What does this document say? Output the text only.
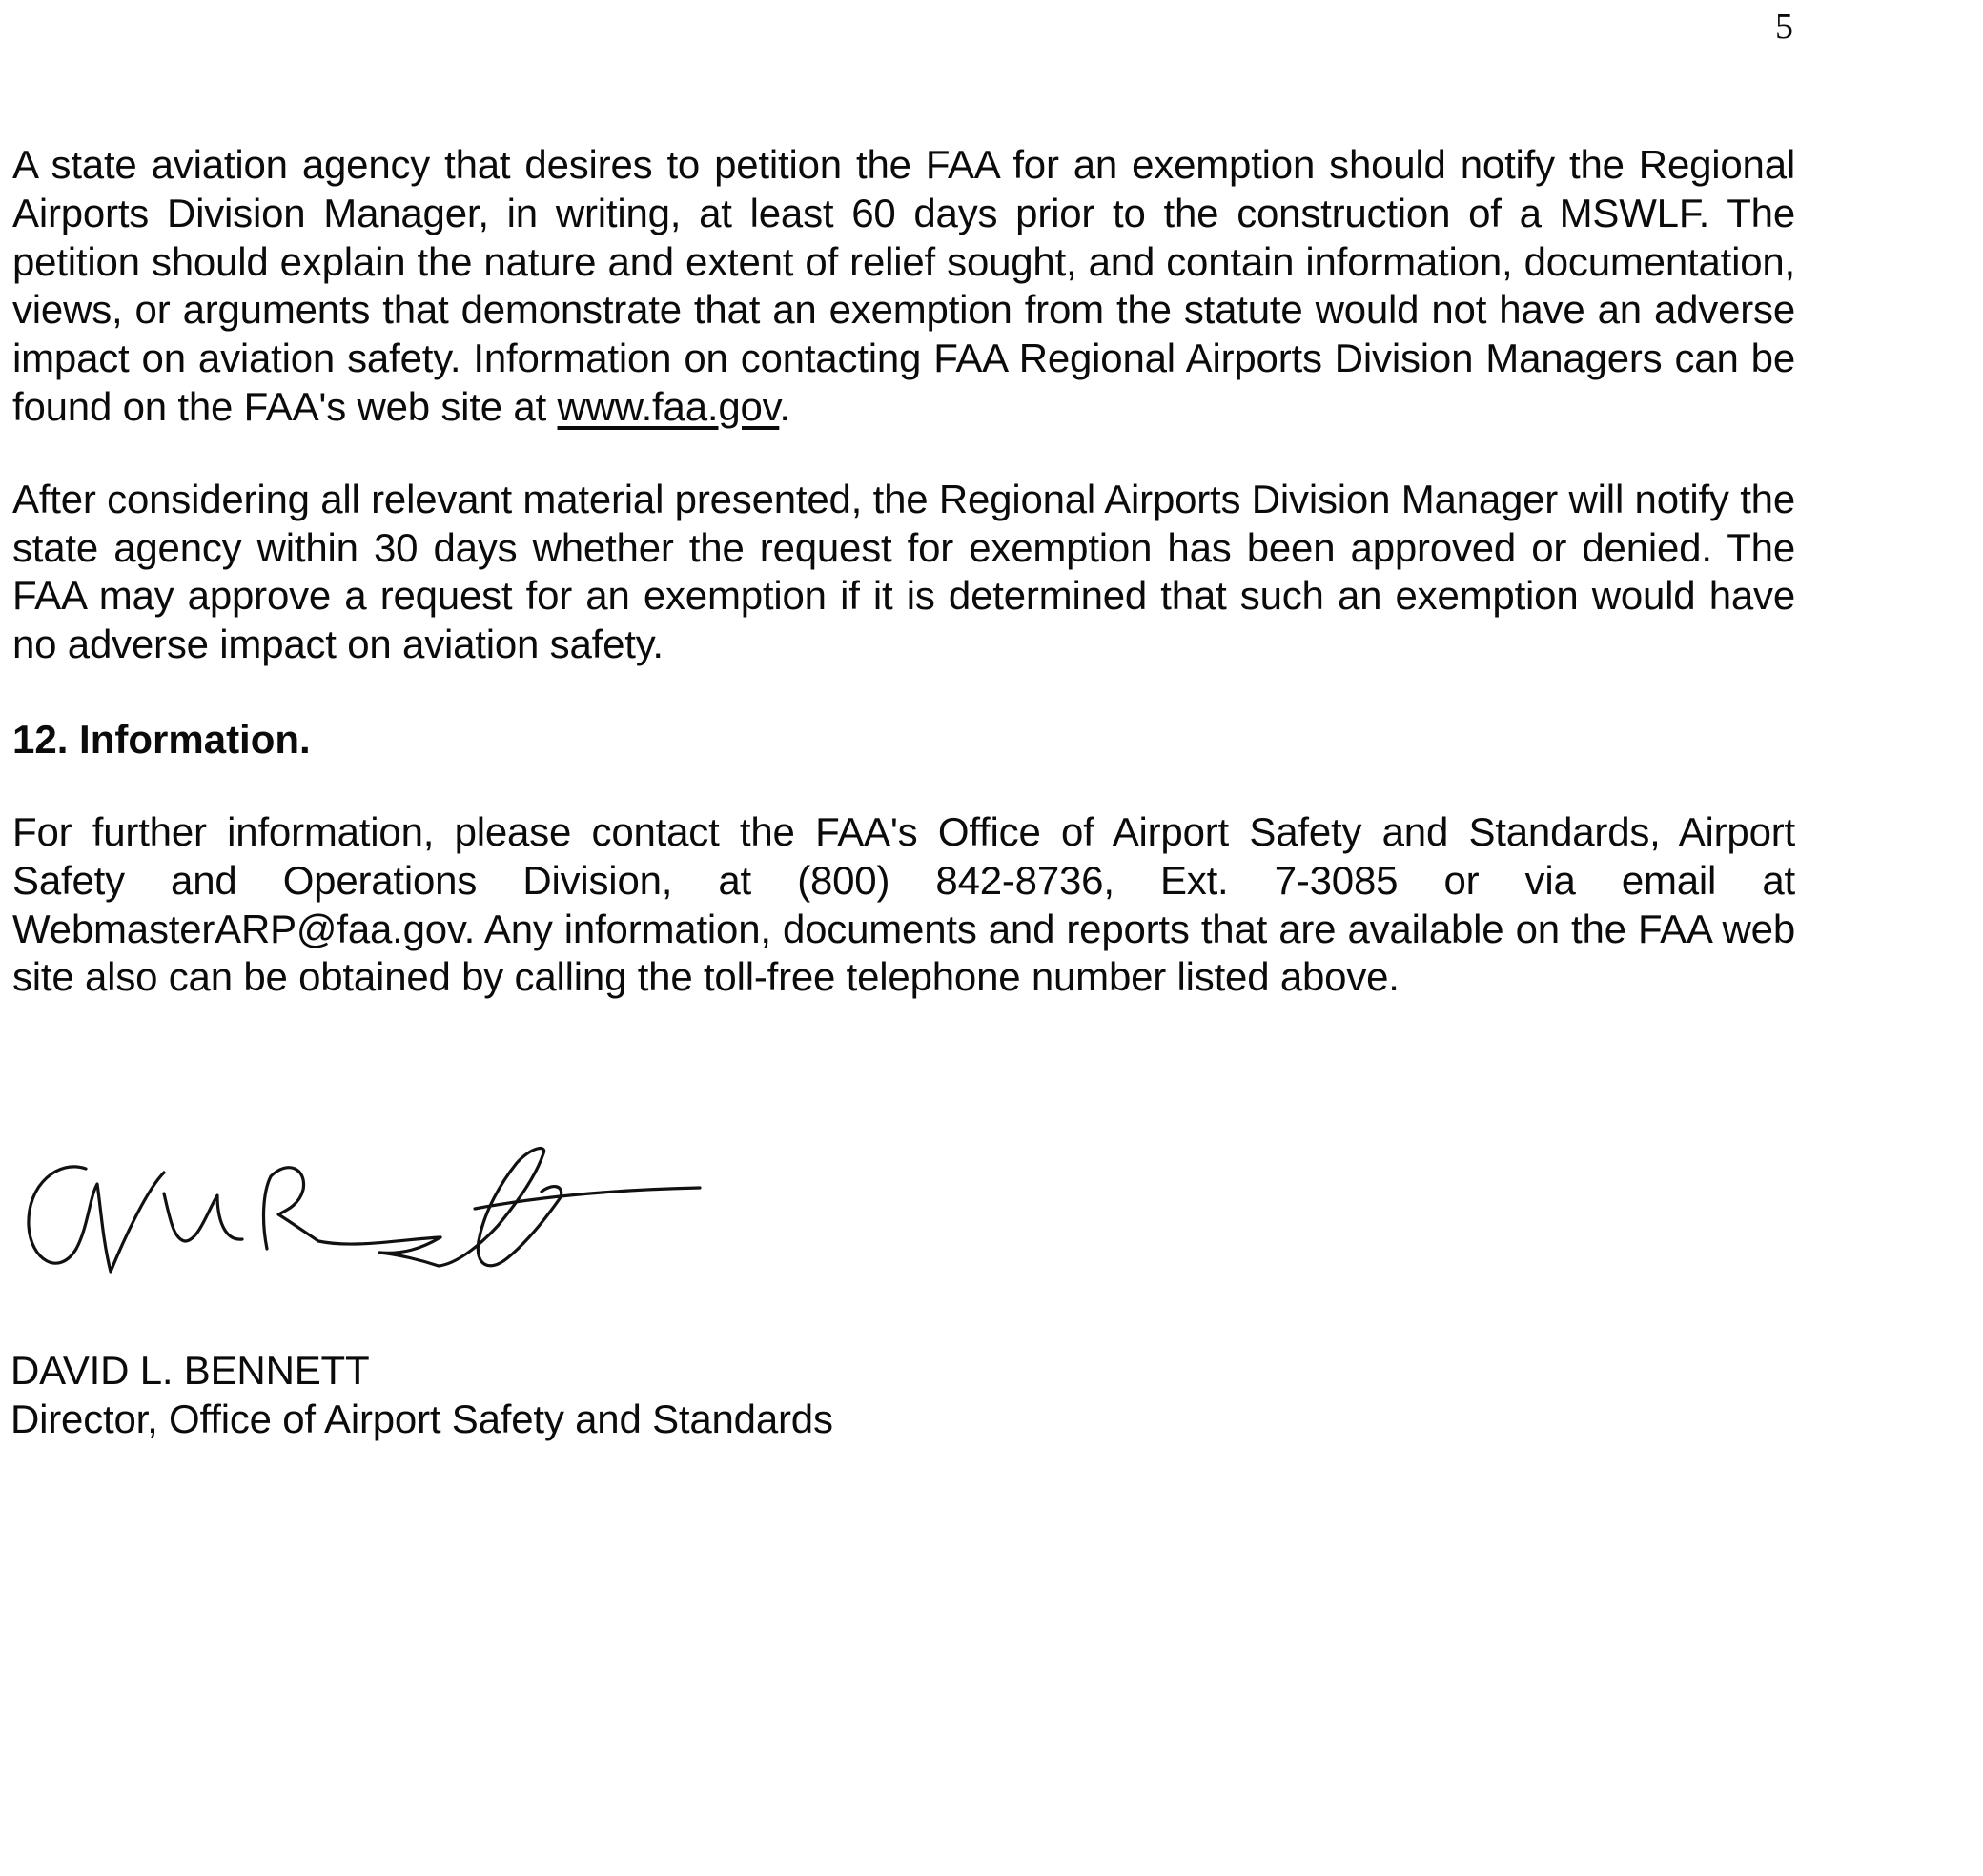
5

A state aviation agency that desires to petition the FAA for an exemption should notify the Regional Airports Division Manager, in writing, at least 60 days prior to the construction of a MSWLF. The petition should explain the nature and extent of relief sought, and contain information, documentation, views, or arguments that demonstrate that an exemption from the statute would not have an adverse impact on aviation safety. Information on contacting FAA Regional Airports Division Managers can be found on the FAA's web site at www.faa.gov.

After considering all relevant material presented, the Regional Airports Division Manager will notify the state agency within 30 days whether the request for exemption has been approved or denied. The FAA may approve a request for an exemption if it is determined that such an exemption would have no adverse impact on aviation safety.

12. Information.

For further information, please contact the FAA's Office of Airport Safety and Standards, Airport Safety and Operations Division, at (800) 842-8736, Ext. 7-3085 or via email at WebmasterARP@faa.gov. Any information, documents and reports that are available on the FAA web site also can be obtained by calling the toll-free telephone number listed above.

DAVID L. BENNETT
Director, Office of Airport Safety and Standards
